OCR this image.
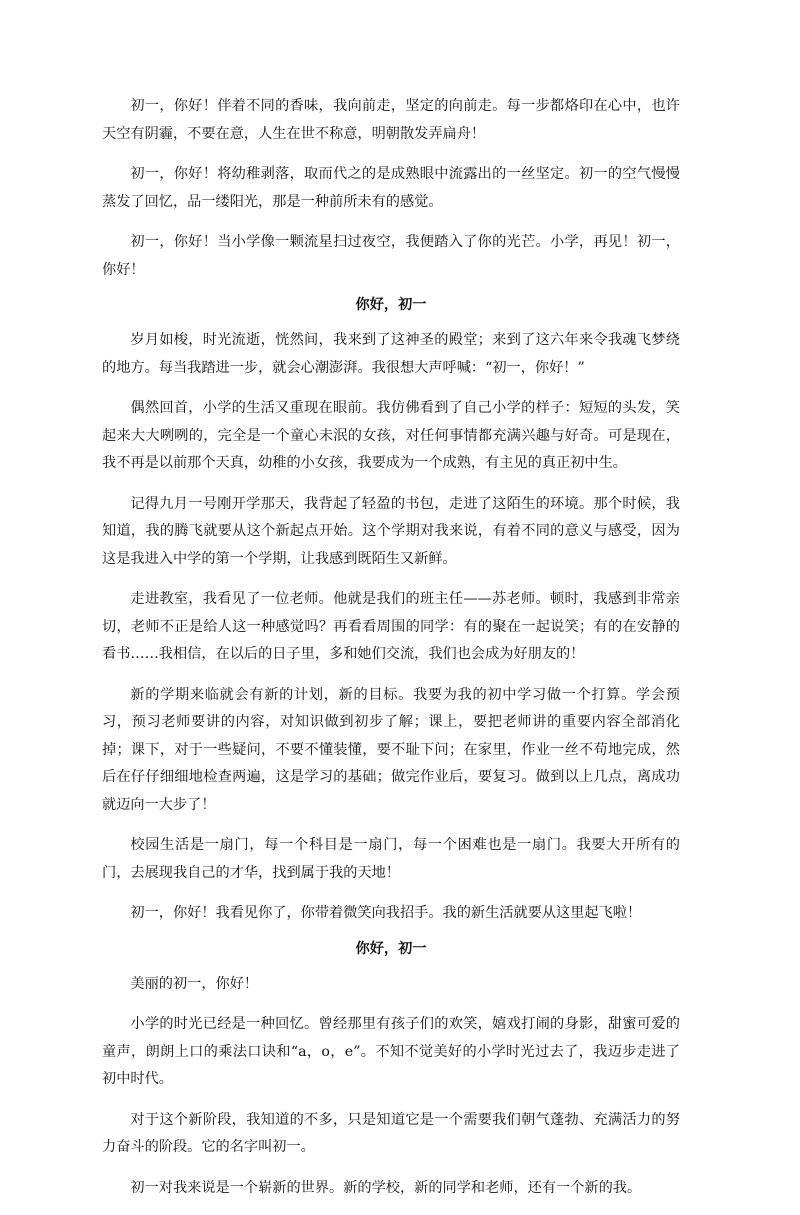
初一，你好！伴着不同的香味，我向前走，坚定的向前走。每一步都烙印在心中，也许天空有阴霾，不要在意，人生在世不称意，明朝散发弄扁舟！

初一，你好！将幼稚剥落，取而代之的是成熟眼中流露出的一丝坚定。初一的空气慢慢蒸发了回忆，品一缕阳光，那是一种前所未有的感觉。

初一，你好！当小学像一颗流星扫过夜空，我便踏入了你的光芒。小学，再见！初一，你好！

你好，初一

岁月如梭，时光流逝，恍然间，我来到了这神圣的殿堂；来到了这六年来令我魂飞梦绕的地方。每当我踏进一步，就会心潮澎湃。我很想大声呼喊：“初一，你好！”

偶然回首，小学的生活又重现在眼前。我仿佛看到了自己小学的样子：短短的头发，笑起来大大咧咧的，完全是一个童心未泯的女孩，对任何事情都充满兴趣与好奇。可是现在，我不再是以前那个天真，幼稚的小女孩，我要成为一个成熟，有主见的真正初中生。

记得九月一号刚开学那天，我背起了轻盈的书包，走进了这陌生的环境。那个时候，我知道，我的腾飞就要从这个新起点开始。这个学期对我来说，有着不同的意义与感受，因为这是我进入中学的第一个学期，让我感到既陌生又新鲜。

走进教室，我看见了一位老师。他就是我们的班主任——苏老师。顿时，我感到非常亲切，老师不正是给人这一种感觉吗？再看看周围的同学：有的聚在一起说笑；有的在安静的看书……我相信，在以后的日子里，多和她们交流，我们也会成为好朋友的！

新的学期来临就会有新的计划，新的目标。我要为我的初中学习做一个打算。学会预习，预习老师要讲的内容，对知识做到初步了解；课上，要把老师讲的重要内容全部消化掉；课下，对于一些疑问，不要不懂装懂，要不耻下问；在家里，作业一丝不苟地完成，然后在仔仔细细地检查两遍，这是学习的基础；做完作业后，要复习。做到以上几点，离成功就迈向一大步了！

校园生活是一扇门，每一个科目是一扇门，每一个困难也是一扇门。我要大开所有的门，去展现我自己的才华，找到属于我的天地！

初一，你好！我看见你了，你带着微笑向我招手。我的新生活就要从这里起飞啦！

你好，初一

美丽的初一，你好！

小学的时光已经是一种回忆。曾经那里有孩子们的欢笑，嬉戏打闹的身影，甜蜜可爱的童声，朗朗上口的乘法口诀和“a，o，e”。不知不觉美好的小学时光过去了，我迈步走进了初中时代。

对于这个新阶段，我知道的不多，只是知道它是一个需要我们朝气蓬勃、充满活力的努力奋斗的阶段。它的名字叫初一。

初一对我来说是一个崭新的世界。新的学校，新的同学和老师，还有一个新的我。
